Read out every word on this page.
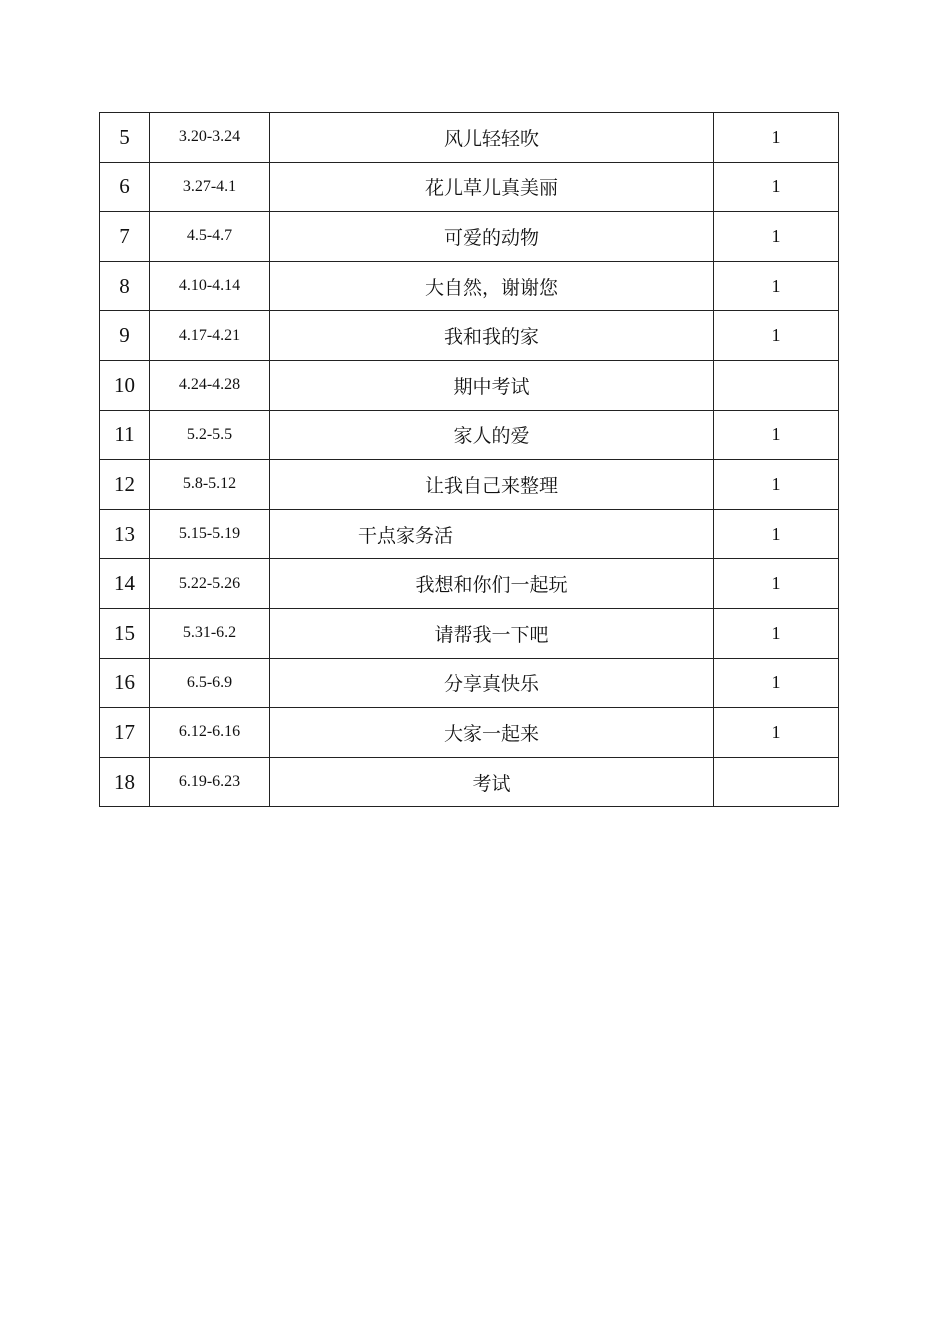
5	3.20-3.24	风儿轻轻吹	1
6	3.27-4.1	花儿草儿真美丽	1
7	4.5-4.7	可爱的动物	1
8	4.10-4.14	大自然，谢谢您	1
9	4.17-4.21	我和我的家	1
10	4.24-4.28	期中考试	
11	5.2-5.5	家人的爱	1
12	5.8-5.12	让我自己来整理	1
13	5.15-5.19	干点家务活	1
14	5.22-5.26	我想和你们一起玩	1
15	5.31-6.2	请帮我一下吧	1
16	6.5-6.9	分享真快乐	1
17	6.12-6.16	大家一起来	1
18	6.19-6.23	考试	
